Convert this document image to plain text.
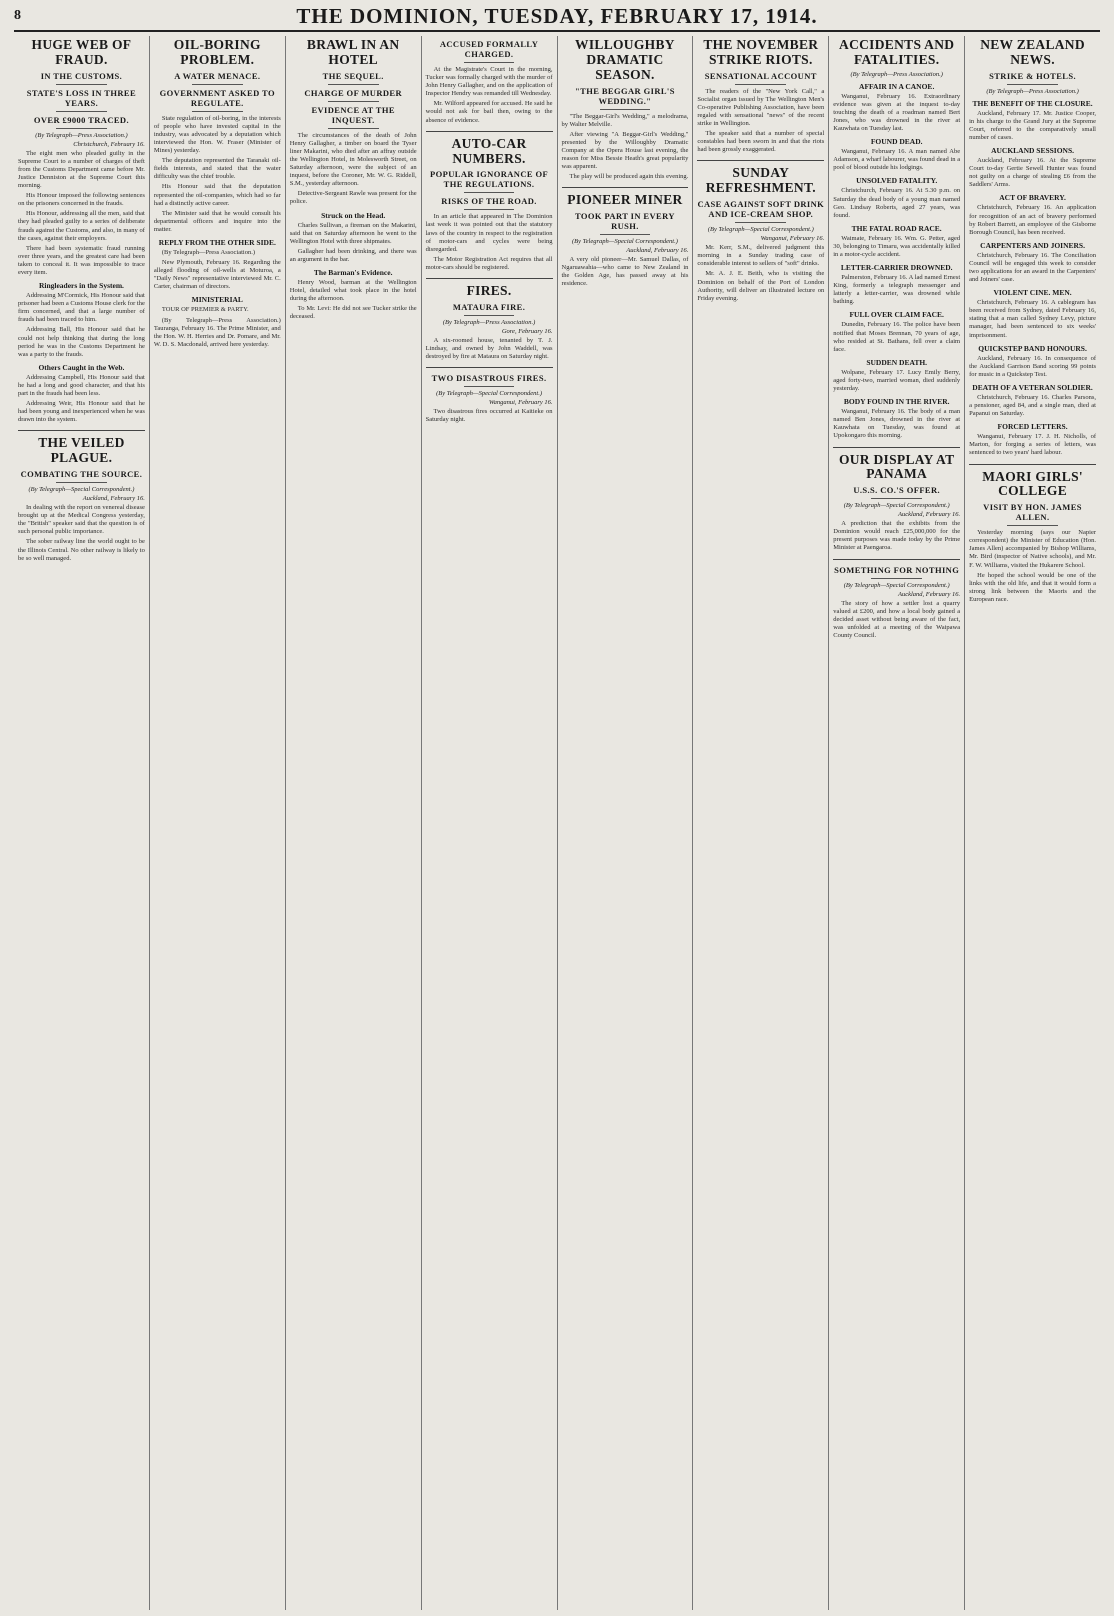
8	THE DOMINION, TUESDAY, FEBRUARY 17, 1914.
HUGE WEB OF FRAUD.
IN THE CUSTOMS.
STATE'S LOSS IN THREE YEARS.
OVER £9000 TRACED.
(By Telegraph—Press Association.)
Christchurch, February 16.

The eight men who pleaded guilty in the Supreme Court to a number of charges of theft from the Customs Department came before Mr. Justice Denniston at the Supreme Court this morning.

His Honour imposed the following sentences on the prisoners concerned in the frauds.

His Honour, addressing all the men, said that they had pleaded guilty to a series of deliberate frauds against the Customs, and also, in many of the cases, against their employers.

There had been systematic fraud running over three years, and the greatest care had been taken to conceal it. It was impossible to trace every item.

Ringleaders in the System.

Addressing M'Cormick, His Honour said that prisoner had been a Customs House clerk for the firm concerned, and that a large number of frauds had been traced to him.

Addressing Ball, His Honour said that he could not help thinking that during the long period he was in the Customs Department he was a party to the frauds.

Others Caught in the Web.

Addressing Campbell, His Honour said that he had a long and good character, and that his part in the frauds had been less.

Addressing Weir, His Honour said that he had been young and inexperienced when he was drawn into the system.

THE VEILED PLAGUE.
COMBATING THE SOURCE.
(By Telegraph—Special Correspondent.)
Auckland, February 16.

In dealing with the report on venereal disease brought up at the Medical Congress yesterday, the "British" speaker said that the question is of such personal public importance.

The sober railway line the world ought to be the Illinois Central. No other railway is likely to be so well managed.

OIL-BORING PROBLEM.
A WATER MENACE.
GOVERNMENT ASKED TO REGULATE.

State regulation of oil-boring, in the interests of people who have invested capital in the industry, was advocated by a deputation which interviewed the Hon. W. Fraser (Minister of Mines) yesterday.

The deputation represented the Taranaki oil-fields interests, and stated that the water difficulty was the chief trouble.

His Honour said that the deputation represented the oil-companies, which had so far had a distinctly active career.

The Minister said that he would consult his departmental officers and inquire into the matter.

REPLY FROM THE OTHER SIDE.

(By Telegraph—Press Association.)

New Plymouth, February 16. Regarding the alleged flooding of oil-wells at Moturoa, a "Daily News" representative interviewed Mr. C. Carter, chairman of directors.

MINISTERIAL

TOUR OF PREMIER & PARTY.

(By Telegraph—Press Association.) Tauranga, February 16. The Prime Minister, and the Hon. W. H. Herries and Dr. Pomare, and Mr. W. D. S. Macdonald, arrived here yesterday.

BRAWL IN AN HOTEL
THE SEQUEL.
CHARGE OF MURDER
EVIDENCE AT THE INQUEST.

The circumstances of the death of John Henry Gallagher, a timber on board the Tyser liner Makarini, who died after an affray outside the Wellington Hotel, in Molesworth Street, on Saturday afternoon, were the subject of an inquest, before the Coroner, Mr. W. G. Riddell, S.M., yesterday afternoon.

Detective-Sergeant Rawle was present for the police.

Struck on the Head.

Charles Sullivan, a fireman on the Makarini, said that on Saturday afternoon he went to the Wellington Hotel with three shipmates.

Gallagher had been drinking, and there was an argument in the bar.

The Barman's Evidence.

Henry Wood, barman at the Wellington Hotel, detailed what took place in the hotel during the afternoon.

To Mr. Levi: He did not see Tucker strike the deceased.

ACCUSED FORMALLY CHARGED.

At the Magistrate's Court in the morning, Tucker was formally charged with the murder of John Henry Gallagher, and on the application of Inspector Hendry was remanded till Wednesday.

Mr. Wilford appeared for accused. He said he would not ask for bail then, owing to the absence of evidence.

AUTO-CAR NUMBERS.
POPULAR IGNORANCE OF THE REGULATIONS.
RISKS OF THE ROAD.

In an article that appeared in The Dominion last week it was pointed out that the statutory laws of the country in respect to the registration of motor-cars and cycles were being disregarded.

The Motor Registration Act requires that all motor-cars should be registered.

FIRES.
MATAURA FIRE.
(By Telegraph—Press Association.)
Gore, February 16.

A six-roomed house, tenanted by T. J. Lindsay, and owned by John Waddell, was destroyed by fire at Mataura on Saturday night.

TWO DISASTROUS FIRES.
(By Telegraph—Special Correspondent.)
Wanganui, February 16.

Two disastrous fires occurred at Kaitieke on Saturday night.

WILLOUGHBY DRAMATIC SEASON.
"THE BEGGAR GIRL'S WEDDING."

"The Beggar-Girl's Wedding," a melodrama, by Walter Melville.

After viewing "A Beggar-Girl's Wedding," presented by the Willoughby Dramatic Company at the Opera House last evening, the reason for Miss Bessie Heath's great popularity was apparent.

The play will be produced again this evening.

PIONEER MINER
TOOK PART IN EVERY RUSH.
(By Telegraph—Special Correspondent.)
Auckland, February 16.

A very old pioneer—Mr. Samuel Dallas, of Ngaruawahia—who came to New Zealand in the Golden Age, has passed away at his residence.

THE NOVEMBER STRIKE RIOTS.
SENSATIONAL ACCOUNT

The readers of the "New York Call," a Socialist organ issued by The Wellington Men's Co-operative Publishing Association, have been regaled with sensational "news" of the recent strike in Wellington.

The speaker said that a number of special constables had been sworn in and that the riots had been grossly exaggerated.

SUNDAY REFRESHMENT.
CASE AGAINST SOFT DRINK AND ICE-CREAM SHOP.
(By Telegraph—Special Correspondent.)
Wanganui, February 16.

Mr. Kerr, S.M., delivered judgment this morning in a Sunday trading case of considerable interest to sellers of "soft" drinks.

Mr. A. J. E. Beith, who is visiting the Dominion on behalf of the Port of London Authority, will deliver an illustrated lecture on Friday evening.

ACCIDENTS AND FATALITIES.
(By Telegraph—Press Association.)
AFFAIR IN A CANOE.

Wanganui, February 16. Extraordinary evidence was given at the inquest to-day touching the death of a roadman named Bert Jones, who was drowned in the river at Kauwhata on Tuesday last.

FOUND DEAD.

Wanganui, February 16. A man named Abe Adamson, a wharf labourer, was found dead in a pool of blood outside his lodgings.

UNSOLVED FATALITY.

Christchurch, February 16. At 5.30 p.m. on Saturday the dead body of a young man named Geo. Lindsay Roberts, aged 27 years, was found.

THE FATAL ROAD RACE.

Waimate, February 16. Wm. G. Petter, aged 30, belonging to Timaru, was accidentally killed in a motor-cycle accident.

LETTER-CARRIER DROWNED.

Palmerston, February 16. A lad named Ernest King, formerly a telegraph messenger and latterly a letter-carrier, was drowned while bathing.

FULL OVER CLAIM FACE.

Dunedin, February 16. The police have been notified that Moses Brennan, 70 years of age, who resided at St. Bathans, fell over a claim face.

SUDDEN DEATH.

Wolpane, February 17. Lucy Emily Berry, aged forty-two, married woman, died suddenly yesterday.

BODY FOUND IN THE RIVER.

Wanganui, February 16. The body of a man named Ben Jones, drowned in the river at Kauwhata on Tuesday, was found at Upokongaro this morning.

OUR DISPLAY AT PANAMA
U.S.S. CO.'S OFFER.
(By Telegraph—Special Correspondent.)
Auckland, February 16.

A prediction that the exhibits from the Dominion would reach £25,000,000 for the present purposes was made today by the Prime Minister at Paengaroa.

SOMETHING FOR NOTHING
(By Telegraph—Special Correspondent.)
Auckland, February 16.

The story of how a settler lost a quarry valued at £200, and how a local body gained a decided asset without being aware of the fact, was unfolded at a meeting of the Waipawa County Council.

NEW ZEALAND NEWS.
STRIKE & HOTELS.
(By Telegraph—Press Association.)
THE BENEFIT OF THE CLOSURE.

Auckland, February 17. Mr. Justice Cooper, in his charge to the Grand Jury at the Supreme Court, referred to the comparatively small number of cases.

AUCKLAND SESSIONS.

Auckland, February 16. At the Supreme Court to-day Gertie Sewell Hunter was found not guilty on a charge of stealing £6 from the Saddlers' Arms.

ACT OF BRAVERY.

Christchurch, February 16. An application for recognition of an act of bravery performed by Robert Barrett, an employee of the Gisborne Borough Council, has been received.

CARPENTERS AND JOINERS.

Christchurch, February 16. The Conciliation Council will be engaged this week to consider two applications for an award in the Carpenters' and Joiners' case.

VIOLENT CINE. MEN.

Christchurch, February 16. A cablegram has been received from Sydney, dated February 16, stating that a man called Sydney Levy, picture manager, had been sentenced to six weeks' imprisonment.

QUICKSTEP BAND HONOURS.

Auckland, February 16. In consequence of the Auckland Garrison Band scoring 99 points for music in a Quickstep Test.

DEATH OF A VETERAN SOLDIER.

Christchurch, February 16. Charles Parsons, a pensioner, aged 84, and a single man, died at Papanui on Saturday.

FORCED LETTERS.

Wanganui, February 17. J. H. Nicholls, of Marton, for forging a series of letters, was sentenced to two years' hard labour.

MAORI GIRLS' COLLEGE
VISIT BY HON. JAMES ALLEN.

Yesterday morning (says our Napier correspondent) the Minister of Education (Hon. James Allen) accompanied by Bishop Williams, Mr. Bird (inspector of Native schools), and Mr. F. W. Williams, visited the Hukarere School.

He hoped the school would be one of the links with the old life, and that it would form a strong link between the Maoris and the European race.
